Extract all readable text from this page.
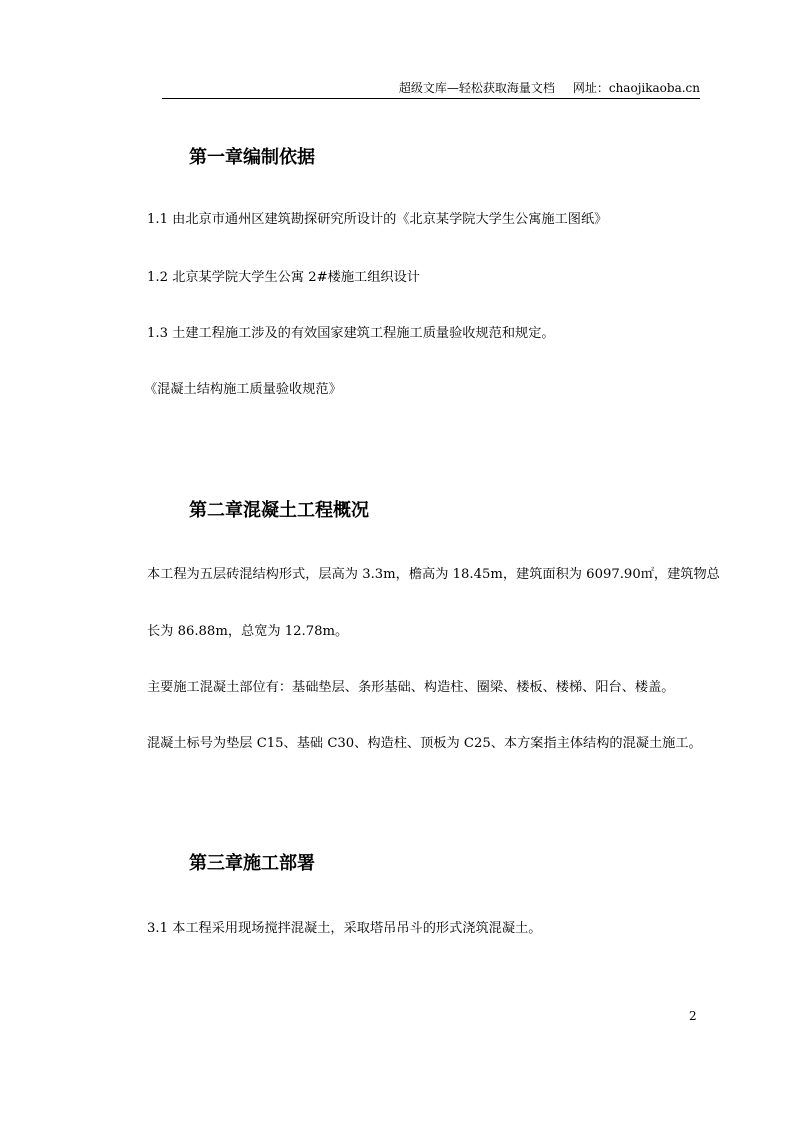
超级文库—轻松获取海量文档 网址：chaojikaoba.cn
第一章编制依据
1.1 由北京市通州区建筑勘探研究所设计的《北京某学院大学生公寓施工图纸》
1.2 北京某学院大学生公寓 2#楼施工组织设计
1.3 土建工程施工涉及的有效国家建筑工程施工质量验收规范和规定。
《混凝土结构施工质量验收规范》
第二章混凝土工程概况
本工程为五层砖混结构形式，层高为 3.3m，檐高为 18.45m，建筑面积为 6097.90㎡，建筑物总
长为 86.88m，总宽为 12.78m。
主要施工混凝土部位有：基础垫层、条形基础、构造柱、圈梁、楼板、楼梯、阳台、楼盖。
混凝土标号为垫层 C15、基础 C30、构造柱、顶板为 C25、本方案指主体结构的混凝土施工。
第三章施工部署
3.1 本工程采用现场搅拌混凝土，采取塔吊吊斗的形式浇筑混凝土。
2
